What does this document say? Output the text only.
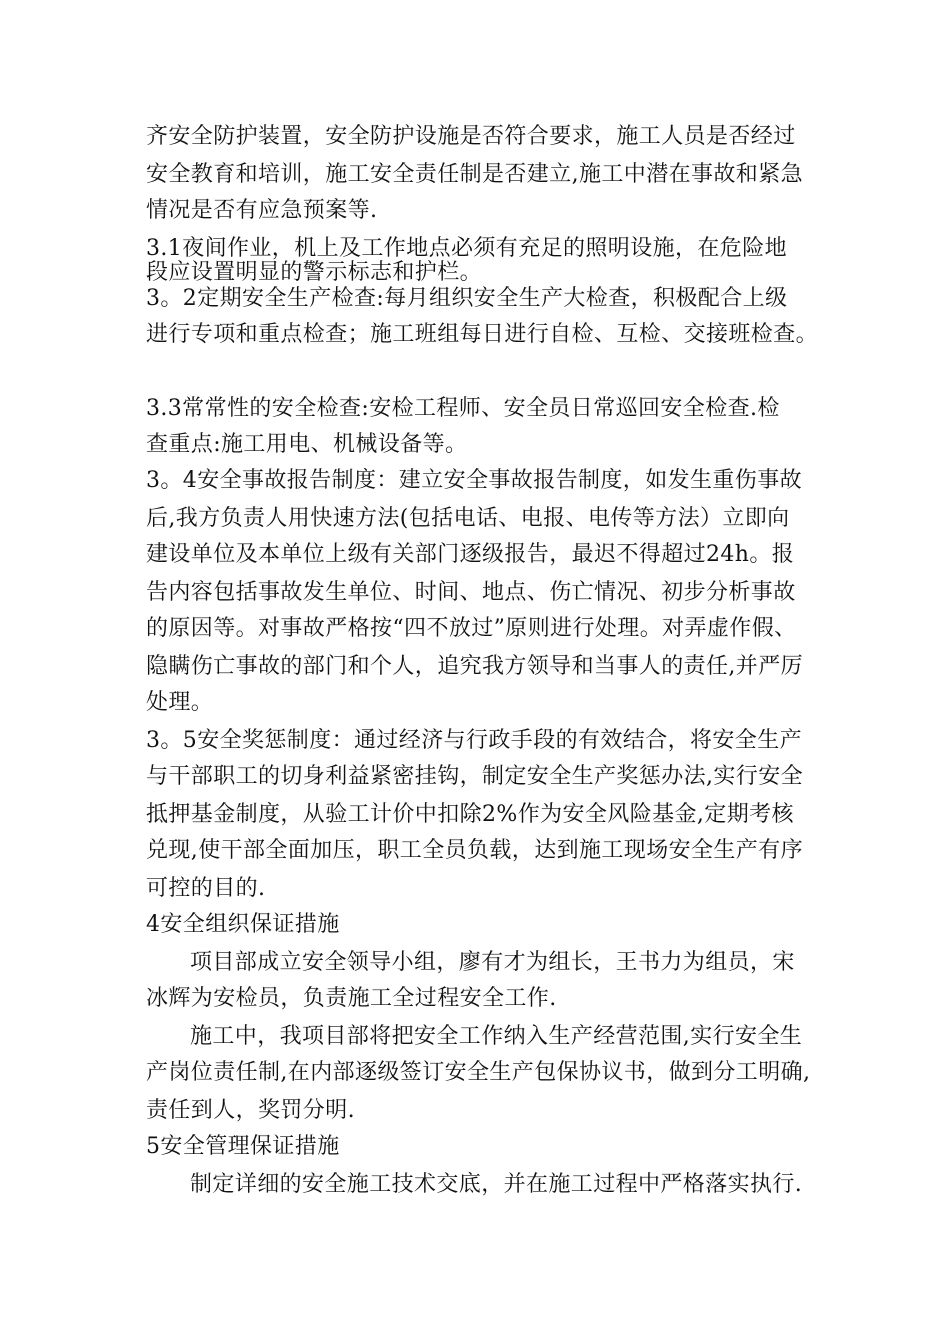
齐安全防护装置，安全防护设施是否符合要求，施工人员是否经过
安全教育和培训，施工安全责任制是否建立,施工中潜在事故和紧急
情况是否有应急预案等.
3.1夜间作业，机上及工作地点必须有充足的照明设施，在危险地
段应设置明显的警示标志和护栏。
3。2定期安全生产检查:每月组织安全生产大检查，积极配合上级
进行专项和重点检查；施工班组每日进行自检、互检、交接班检查。
3.3常常性的安全检查:安检工程师、安全员日常巡回安全检查.检
查重点:施工用电、机械设备等。
3。4安全事故报告制度：建立安全事故报告制度，如发生重伤事故
后,我方负责人用快速方法(包括电话、电报、电传等方法）立即向
建设单位及本单位上级有关部门逐级报告，最迟不得超过24h。报
告内容包括事故发生单位、时间、地点、伤亡情况、初步分析事故
的原因等。对事故严格按“四不放过”原则进行处理。对弄虚作假、
隐瞒伤亡事故的部门和个人，追究我方领导和当事人的责任,并严厉
处理。
3。5安全奖惩制度：通过经济与行政手段的有效结合，将安全生产
与干部职工的切身利益紧密挂钩，制定安全生产奖惩办法,实行安全
抵押基金制度，从验工计价中扣除2%作为安全风险基金,定期考核
兑现,使干部全面加压，职工全员负载，达到施工现场安全生产有序
可控的目的.
4安全组织保证措施
项目部成立安全领导小组，廖有才为组长，王书力为组员，宋
冰辉为安检员，负责施工全过程安全工作.
施工中，我项目部将把安全工作纳入生产经营范围,实行安全生
产岗位责任制,在内部逐级签订安全生产包保协议书，做到分工明确,
责任到人，奖罚分明.
5安全管理保证措施
制定详细的安全施工技术交底，并在施工过程中严格落实执行.
